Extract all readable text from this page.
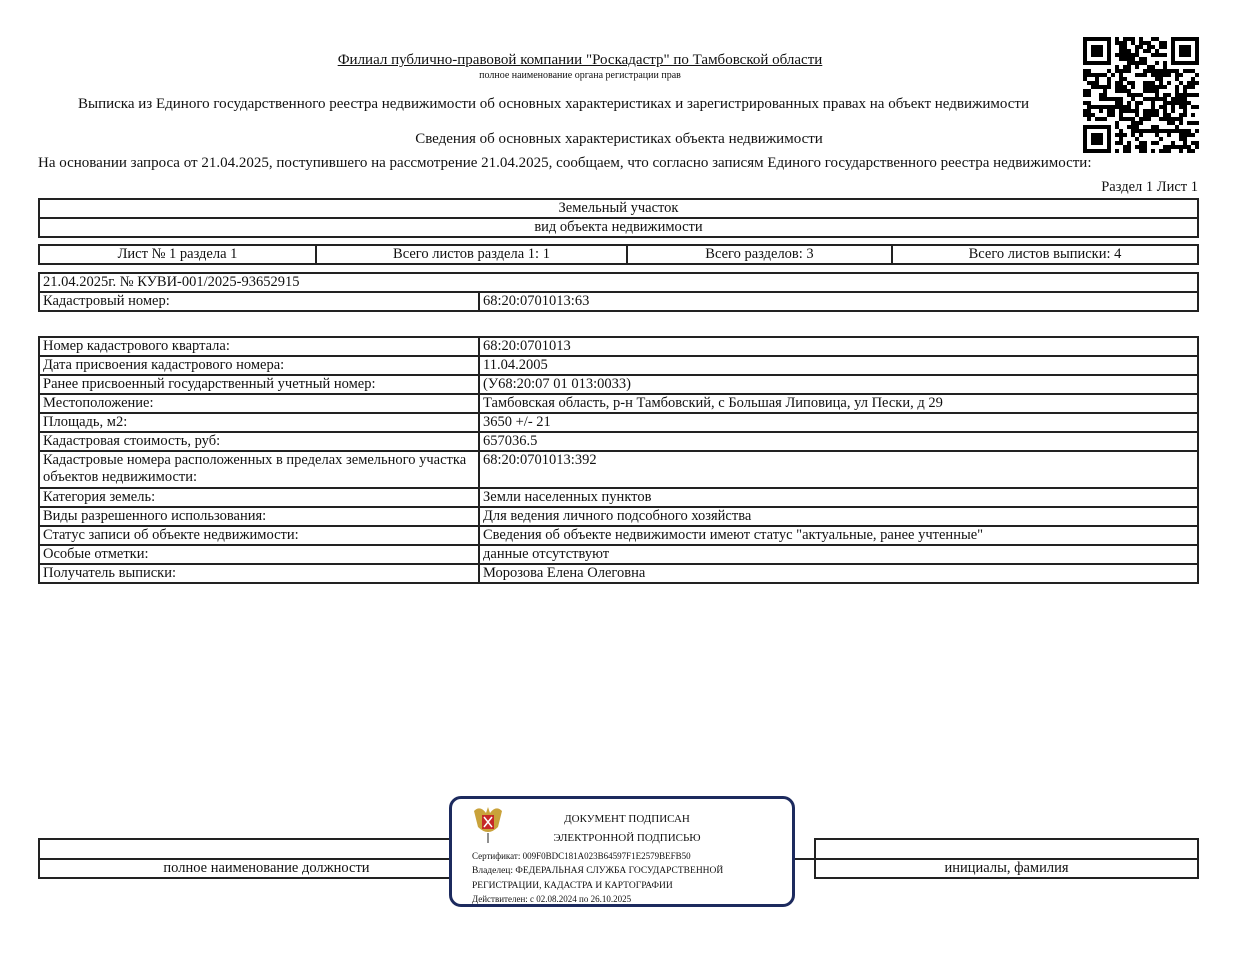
Филиал публично-правовой компании "Роскадастр" по Тамбовской области
полное наименование органа регистрации прав
Выписка из Единого государственного реестра недвижимости об основных характеристиках и зарегистрированных правах на объект недвижимости
Сведения об основных характеристиках объекта недвижимости
На основании запроса от 21.04.2025, поступившего на рассмотрение 21.04.2025, сообщаем, что согласно записям Единого государственного реестра недвижимости:
Раздел 1 Лист 1
Земельный участок
вид объекта недвижимости
Лист № 1 раздела 1	Всего листов раздела 1: 1	Всего разделов: 3	Всего листов выписки: 4
21.04.2025г. № КУВИ-001/2025-93652915
Кадастровый номер:	68:20:0701013:63
Номер кадастрового квартала:	68:20:0701013
Дата присвоения кадастрового номера:	11.04.2005
Ранее присвоенный государственный учетный номер:	(У68:20:07 01 013:0033)
Местоположение:	Тамбовская область, р-н Тамбовский, с Большая Липовица, ул Пески, д 29
Площадь, м2:	3650 +/- 21
Кадастровая стоимость, руб:	657036.5
Кадастровые номера расположенных в пределах земельного участка объектов недвижимости:	68:20:0701013:392
Категория земель:	Земли населенных пунктов
Виды разрешенного использования:	Для ведения личного подсобного хозяйства
Статус записи об объекте недвижимости:	Сведения об объекте недвижимости имеют статус "актуальные, ранее учтенные"
Особые отметки:	данные отсутствуют
Получатель выписки:	Морозова Елена Олеговна

полное наименование должности		инициалы, фамилия
ДОКУМЕНТ ПОДПИСАН
ЭЛЕКТРОННОЙ ПОДПИСЬЮ
Сертификат: 009F0BDC181A023B64597F1E2579BEFB50
Владелец: ФЕДЕРАЛЬНАЯ СЛУЖБА ГОСУДАРСТВЕННОЙ
РЕГИСТРАЦИИ, КАДАСТРА И КАРТОГРАФИИ
Действителен: с 02.08.2024 по 26.10.2025
